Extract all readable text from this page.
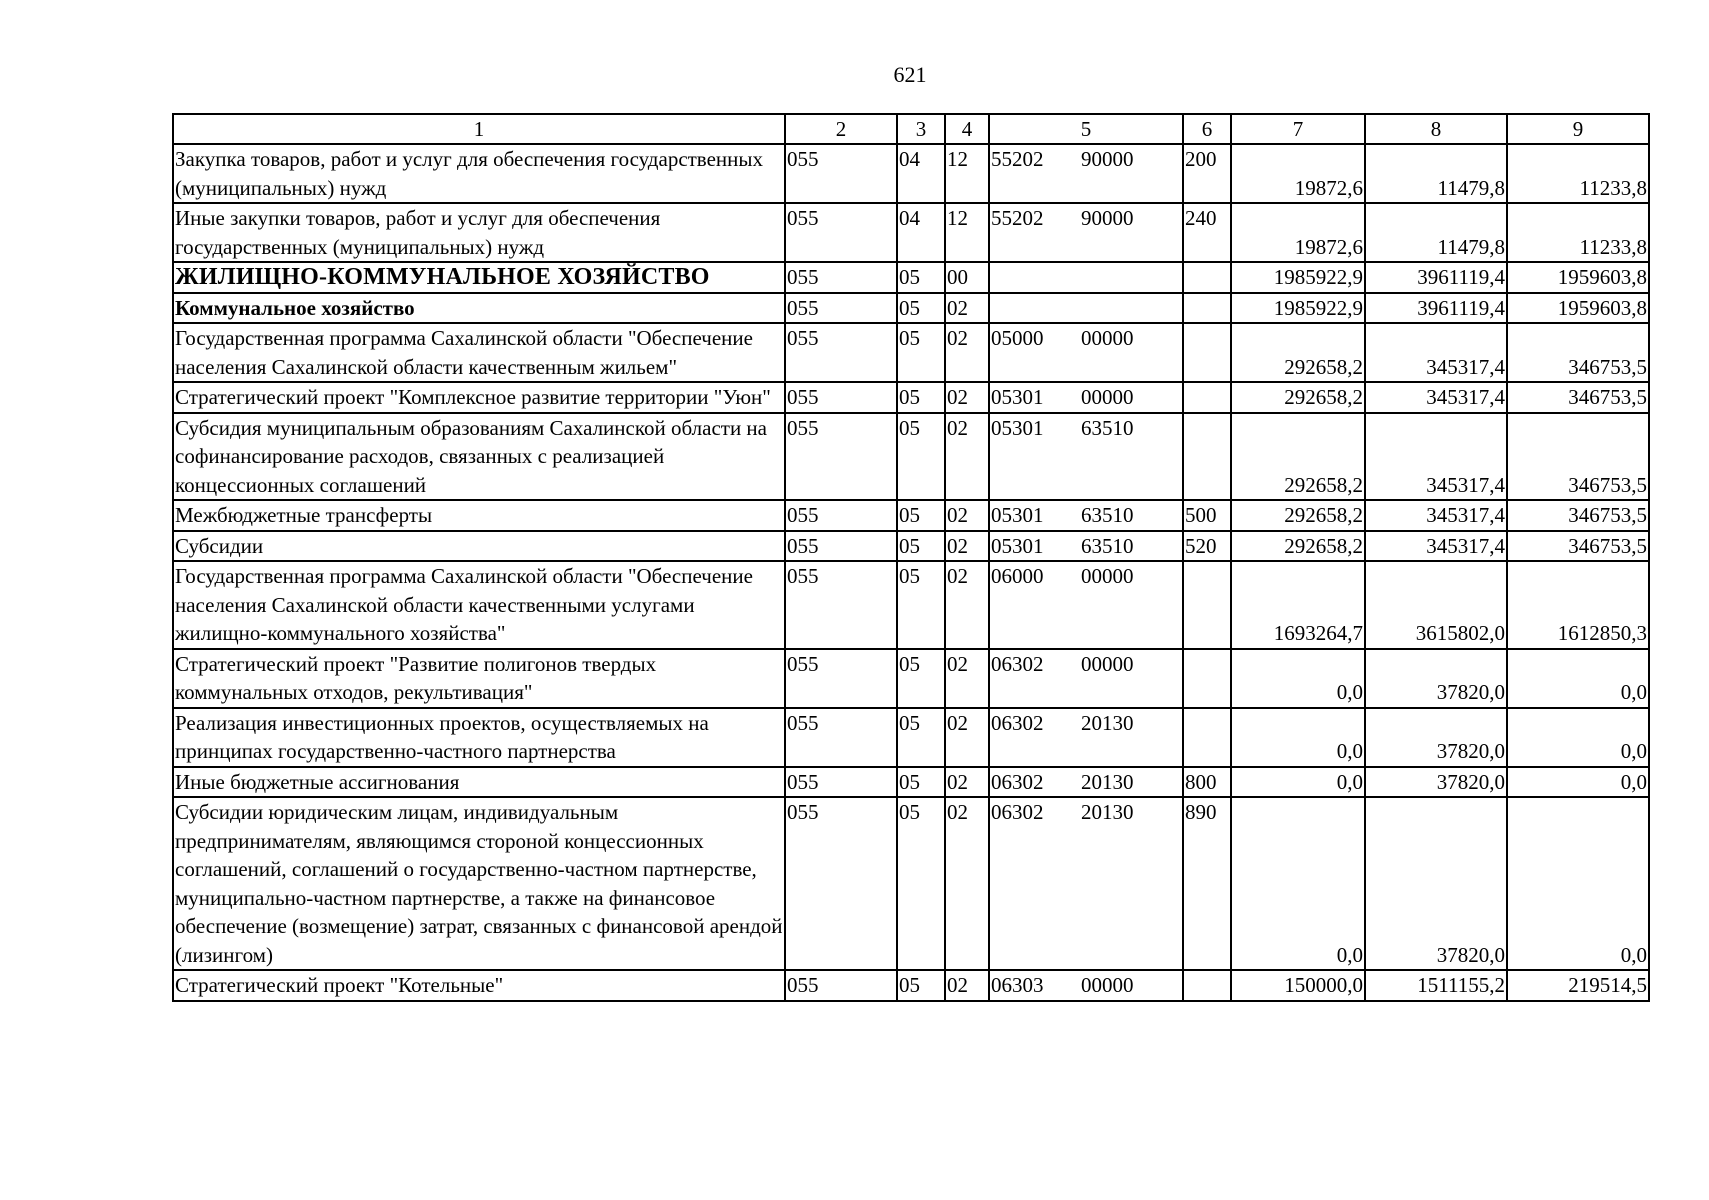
621
1	2	3	4	5	6	7	8	9
Закупка товаров, работ и услуг для обеспечения государственных (муниципальных) нужд	055	04	12	55202 90000	200	19872,6	11479,8	11233,8
Иные закупки товаров, работ и услуг для обеспечения государственных (муниципальных) нужд	055	04	12	55202 90000	240	19872,6	11479,8	11233,8
ЖИЛИЩНО-КОММУНАЛЬНОЕ ХОЗЯЙСТВО	055	05	00			1985922,9	3961119,4	1959603,8
Коммунальное хозяйство	055	05	02			1985922,9	3961119,4	1959603,8
Государственная программа Сахалинской области "Обеспечение населения Сахалинской области качественным жильем"	055	05	02	05000 00000		292658,2	345317,4	346753,5
Стратегический проект "Комплексное развитие территории "Уюн"	055	05	02	05301 00000		292658,2	345317,4	346753,5
Субсидия муниципальным образованиям Сахалинской области на софинансирование расходов, связанных с реализацией концессионных соглашений	055	05	02	05301 63510		292658,2	345317,4	346753,5
Межбюджетные трансферты	055	05	02	05301 63510	500	292658,2	345317,4	346753,5
Субсидии	055	05	02	05301 63510	520	292658,2	345317,4	346753,5
Государственная программа Сахалинской области "Обеспечение населения Сахалинской области качественными услугами жилищно-коммунального хозяйства"	055	05	02	06000 00000		1693264,7	3615802,0	1612850,3
Стратегический проект "Развитие полигонов твердых коммунальных отходов, рекультивация"	055	05	02	06302 00000		0,0	37820,0	0,0
Реализация инвестиционных проектов, осуществляемых на принципах государственно-частного партнерства	055	05	02	06302 20130		0,0	37820,0	0,0
Иные бюджетные ассигнования	055	05	02	06302 20130	800	0,0	37820,0	0,0
Субсидии юридическим лицам, индивидуальным предпринимателям, являющимся стороной концессионных соглашений, соглашений о государственно-частном партнерстве, муниципально-частном партнерстве, а также на финансовое обеспечение (возмещение) затрат, связанных с финансовой арендой (лизингом)	055	05	02	06302 20130	890	0,0	37820,0	0,0
Стратегический проект "Котельные"	055	05	02	06303 00000		150000,0	1511155,2	219514,5
